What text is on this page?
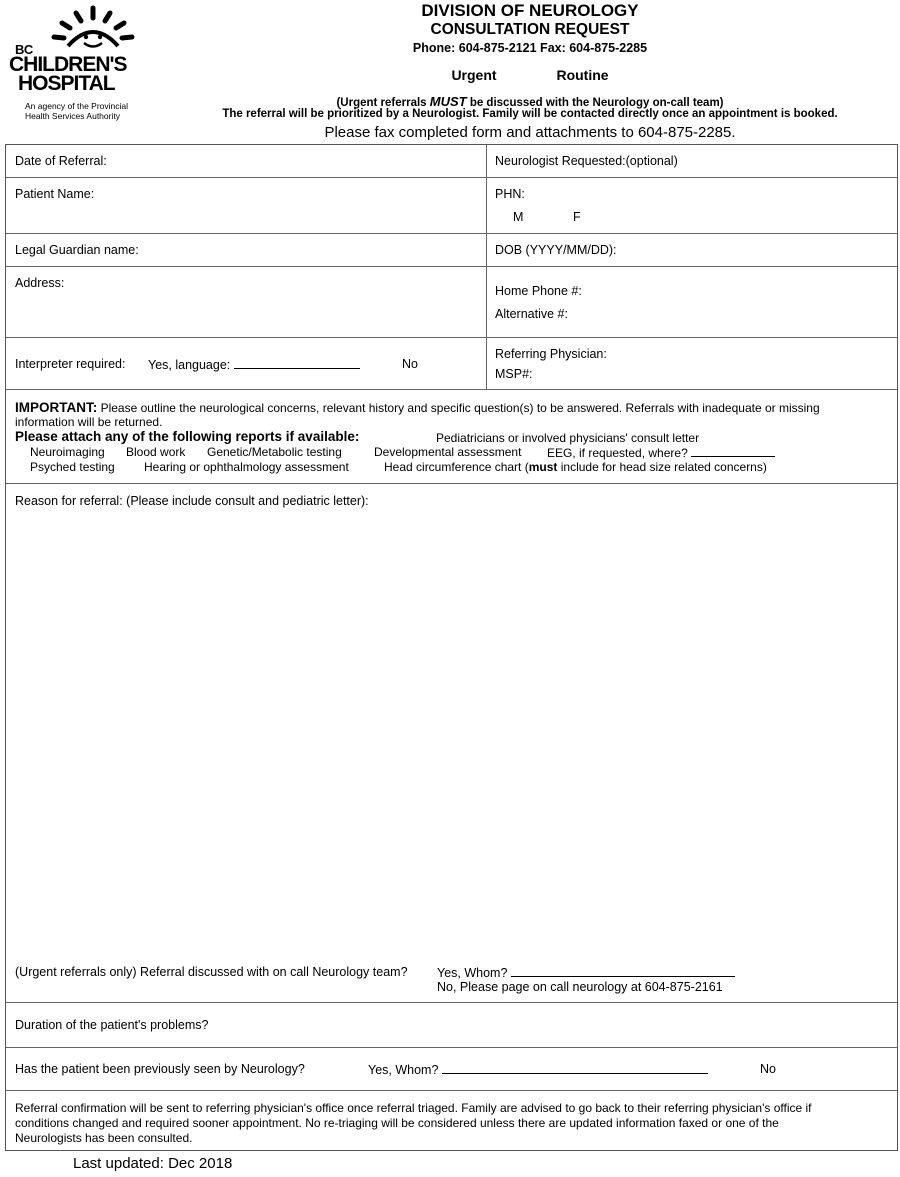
BC
CHILDREN'S
HOSPITAL
An agency of the Provincial
Health Services Authority
DIVISION OF NEUROLOGY
CONSULTATION REQUEST
Phone: 604-875-2121 Fax: 604-875-2285
Urgent	Routine
(Urgent referrals MUST be discussed with the Neurology on-call team)
The referral will be prioritized by a Neurologist. Family will be contacted directly once an appointment is booked.
Please fax completed form and attachments to 604-875-2285.
Date of Referral:	Neurologist Requested:(optional)
Patient Name:	PHN:
M	F
Legal Guardian name:	DOB (YYYY/MM/DD):
Address:
Home Phone #:
Alternative #:
Interpreter required: Yes, language:	No
Referring Physician:
MSP#:
IMPORTANT: Please outline the neurological concerns, relevant history and specific question(s) to be answered. Referrals with inadequate or missing
information will be returned.
Please attach any of the following reports if available:	Pediatricians or involved physicians' consult letter
Neuroimaging Blood work Genetic/Metabolic testing	Developmental assessment EEG, if requested, where?
Psyched testing Hearing or ophthalmology assessment	Head circumference chart (must include for head size related concerns)
Reason for referral: (Please include consult and pediatric letter):
(Urgent referrals only) Referral discussed with on call Neurology team? Yes, Whom?
No, Please page on call neurology at 604-875-2161
Duration of the patient's problems?
Has the patient been previously seen by Neurology?	Yes, Whom?	No
Referral confirmation will be sent to referring physician's office once referral triaged. Family are advised to go back to their referring physician's office if
conditions changed and required sooner appointment. No re-triaging will be considered unless there are updated information faxed or one of the
Neurologists has been consulted.
Last updated: Dec 2018
